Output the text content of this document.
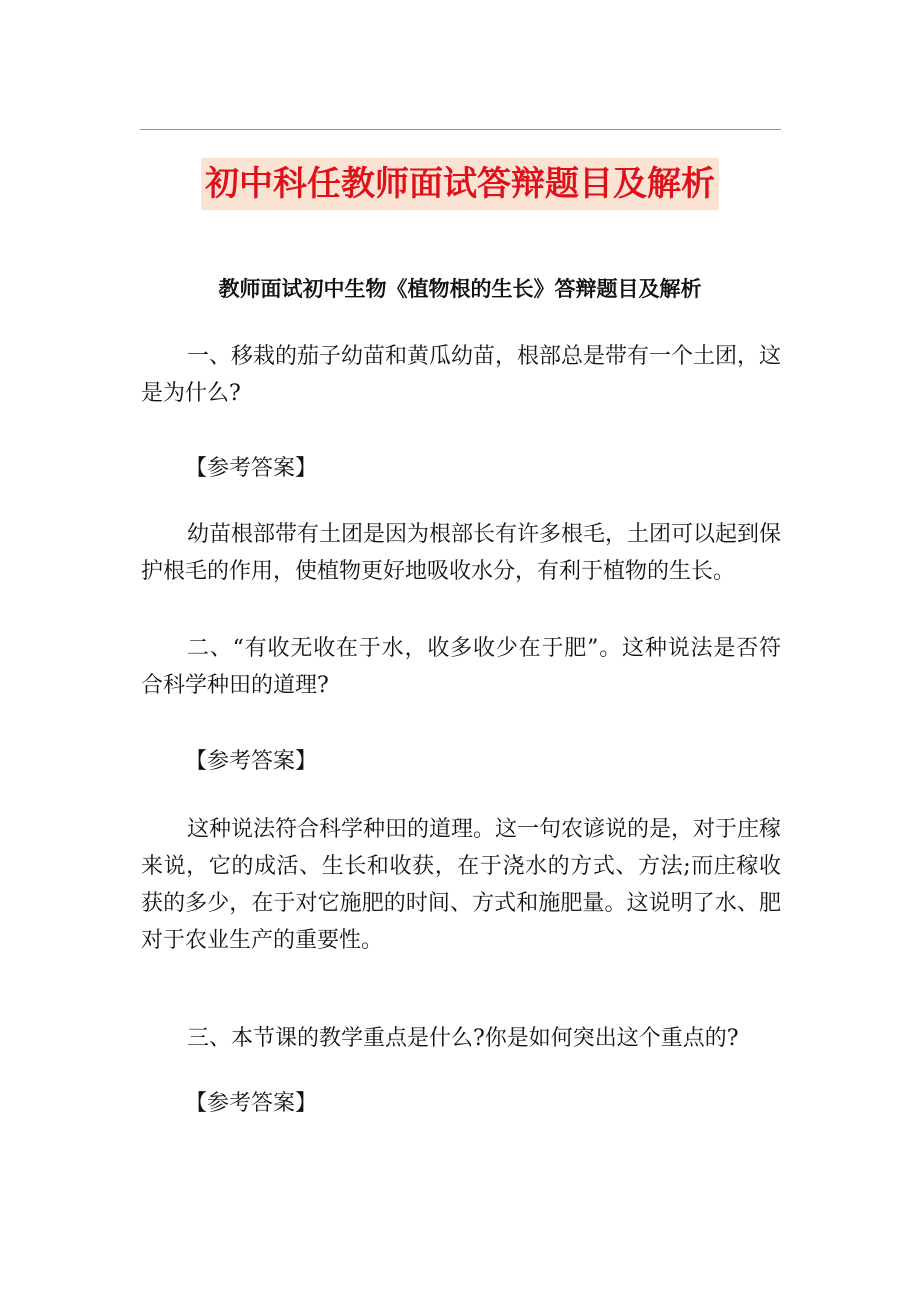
初中科任教师面试答辩题目及解析
教师面试初中生物《植物根的生长》答辩题目及解析

一、移栽的茄子幼苗和黄瓜幼苗，根部总是带有一个土团，这是为什么?

【参考答案】

幼苗根部带有土团是因为根部长有许多根毛，土团可以起到保护根毛的作用，使植物更好地吸收水分，有利于植物的生长。

二、“有收无收在于水，收多收少在于肥”。这种说法是否符合科学种田的道理?

【参考答案】

这种说法符合科学种田的道理。这一句农谚说的是，对于庄稼来说，它的成活、生长和收获，在于浇水的方式、方法;而庄稼收获的多少，在于对它施肥的时间、方式和施肥量。这说明了水、肥对于农业生产的重要性。

三、本节课的教学重点是什么?你是如何突出这个重点的?

【参考答案】
